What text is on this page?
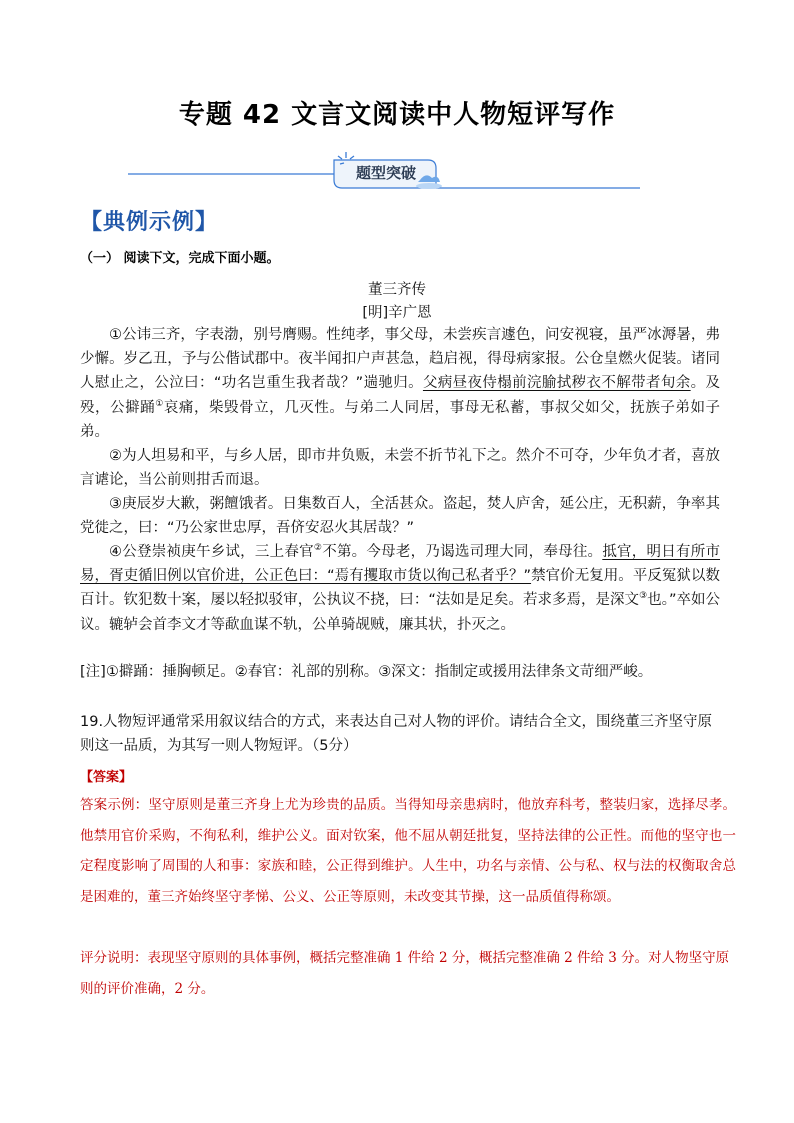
专题 42 文言文阅读中人物短评写作
题型突破
【典例示例】
（一） 阅读下文，完成下面小题。
董三齐传
[明]辛广恩

①公讳三齐，字表渤，别号膺赐。性纯孝，事父母，未尝疾言遽色，问安视寝，虽严冰溽暑，弗少懈。岁乙丑，予与公偕试郡中。夜半闻扣户声甚急，趋启视，得母病家报。公仓皇燃火促装。诸同人慰止之，公泣曰：“功名岂重生我者哉？”遄驰归。父病昼夜侍榻前浣腧拭秽衣不解带者旬余。及殁，公擗踊①哀痛，柴毁骨立，几灭性。与弟二人同居，事母无私蓄，事叔父如父，抚族子弟如子弟。

②为人坦易和平，与乡人居，即市井负贩，未尝不折节礼下之。然介不可夺，少年负才者，喜放言谑论，当公前则拑舌而退。

③庚辰岁大歉，粥饘饿者。日集数百人，全活甚众。盗起，焚人庐舍，延公庄，无积薪，争率其党徙之，曰：“乃公家世忠厚，吾侪安忍火其居哉？”

④公登崇祯庚午乡试，三上春官②不第。今母老，乃谒选司理大同，奉母往。抵官，明日有所市易，胥吏循旧例以官价进，公正色曰：“焉有攫取市货以徇己私者乎？”禁官价无复用。平反冤狱以数百计。钦犯数十案，屡以轻拟驳审，公执议不挠，曰：“法如是足矣。若求多焉，是深文③也。”卒如公议。辘轳会首李文才等歃血谋不轨，公单骑觇贼，廉其状，扑灭之。

[注]①擗踊：捶胸顿足。②春官：礼部的别称。③深文：指制定或援用法律条文苛细严峻。
19.人物短评通常采用叙议结合的方式，来表达自己对人物的评价。请结合全文，围绕董三齐坚守原则这一品质，为其写一则人物短评。（5分）
【答案】
答案示例：坚守原则是董三齐身上尤为珍贵的品质。当得知母亲患病时，他放弃科考，整装归家，选择尽孝。他禁用官价采购，不徇私利，维护公义。面对钦案，他不屈从朝廷批复，坚持法律的公正性。而他的坚守也一定程度影响了周围的人和事：家族和睦，公正得到维护。人生中，功名与亲情、公与私、权与法的权衡取舍总是困难的，董三齐始终坚守孝悌、公义、公正等原则，未改变其节操，这一品质值得称颂。
评分说明：表现坚守原则的具体事例，概括完整准确 1 件给 2 分，概括完整准确 2 件给 3 分。对人物坚守原则的评价准确，2 分。
